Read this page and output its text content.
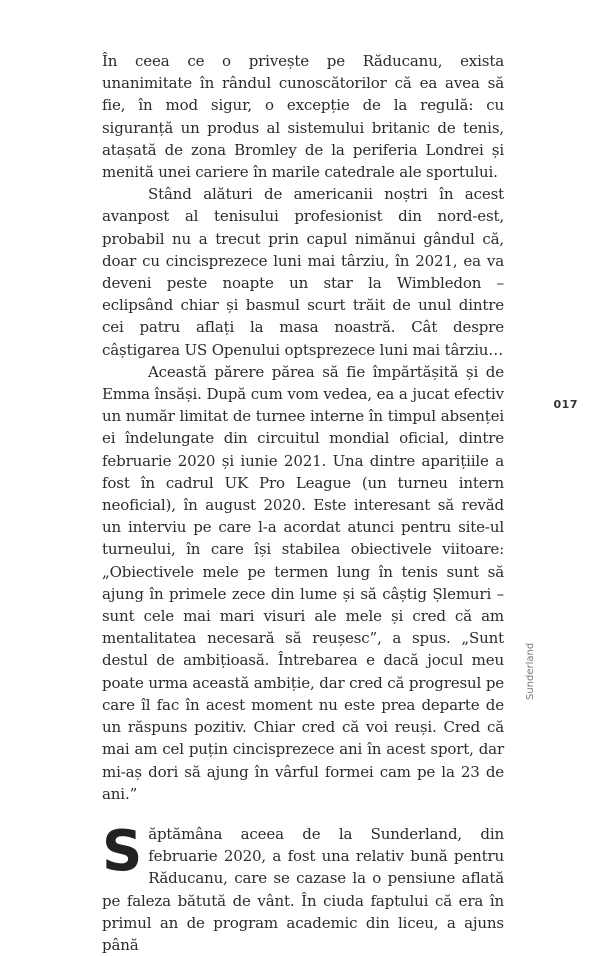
În ceea ce o privește pe Răducanu, exista unanimitate în rândul cunoscătorilor că ea avea să fie, în mod sigur, o excepție de la regulă: cu siguranță un produs al sistemului britanic de tenis, atașată de zona Bromley de la periferia Londrei și menită unei cariere în marile catedrale ale sportului.

Stând alături de americanii noștri în acest avanpost al tenisului profesionist din nord-est, probabil nu a trecut prin capul nimănui gândul că, doar cu cincisprezece luni mai târziu, în 2021, ea va deveni peste noapte un star la Wimbledon – eclipsând chiar și basmul scurt trăit de unul dintre cei patru aflați la masa noastră. Cât despre câștigarea US Openului optsprezece luni mai târziu…

Această părere părea să fie împărtășită și de Emma însăși. După cum vom vedea, ea a jucat efectiv un număr limitat de turnee interne în timpul absenței ei îndelungate din circuitul mondial oficial, dintre februarie 2020 și iunie 2021. Una dintre aparițiile a fost în cadrul UK Pro League (un turneu intern neoficial), în august 2020. Este interesant să revăd un interviu pe care l-a acordat atunci pentru site-ul turneului, în care își stabilea obiectivele viitoare: „Obiectivele mele pe termen lung în tenis sunt să ajung în primele zece din lume și să câștig Șlemuri – sunt cele mai mari visuri ale mele și cred că am mentalitatea necesară să reușesc”, a spus. „Sunt destul de ambițioasă. Întrebarea e dacă jocul meu poate urma această ambiție, dar cred că progresul pe care îl fac în acest moment nu este prea departe de un răspuns pozitiv. Chiar cred că voi reuși. Cred că mai am cel puțin cincisprezece ani în acest sport, dar mi-aș dori să ajung în vârful formei cam pe la 23 de ani.”

Săptămâna aceea de la Sunderland, din februarie 2020, a fost una relativ bună pentru Răducanu, care se cazase la o pensiune aflată pe faleza bătută de vânt. În ciuda faptului că era în primul an de program academic din liceu, a ajuns până

017
Sunderland
